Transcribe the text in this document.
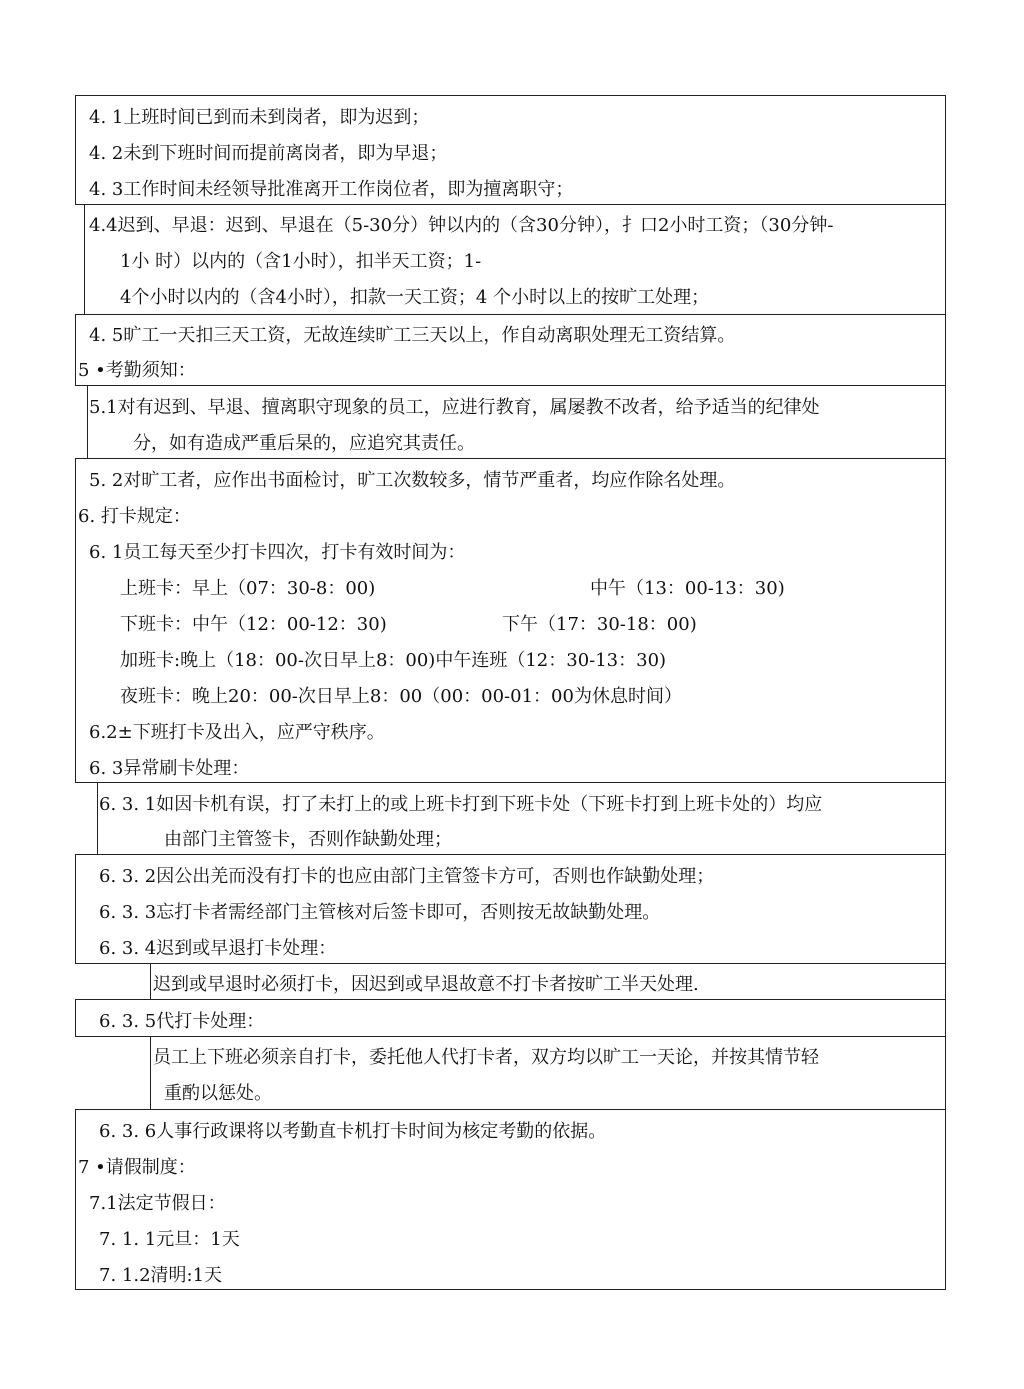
4. 1上班时间已到而未到岗者，即为迟到；
4. 2未到下班时间而提前离岗者，即为早退；
4. 3工作时间未经领导批准离开工作岗位者，即为擅离职守；
4.4迟到、早退：迟到、早退在（5-30分）钟以内的（含30分钟），扌口2小时工资；（30分钟-
1小 时）以内的（含1小时），扣半天工资；1-
4个小时以内的（含4小时），扣款一天工资；4 个小时以上的按旷工处理；
4. 5旷工一天扣三天工资，无故连续旷工三天以上，作自动离职处理无工资结算。
5 •考勤须知：
5.1对有迟到、早退、擅离职守现象的员工，应进行教育，属屡教不改者，给予适当的纪律处
分，如有造成严重后杲的，应追究其责任。
5. 2对旷工者，应作出书面检讨，旷工次数较多，情节严重者，均应作除名处理。
6. 打卡规定：
6. 1员工每天至少打卡四次，打卡有效时间为：
上班卡：早上（07：30-8：00)	中午（13：00-13：30)
下班卡：中午（12：00-12：30)	下午（17：30-18：00)
加班卡:晚上（18：00-次日早上8：00)中午连班（12：30-13：30)
夜班卡：晚上20：00-次日早上8：00（00：00-01：00为休息时间）
6.2±下班打卡及出入，应严守秩序。
6. 3异常刷卡处理：
6. 3. 1如因卡机有误，打了未打上的或上班卡打到下班卡处（下班卡打到上班卡处的）均应
由部门主管签卡，否则作缺勤处理；
6. 3. 2因公出羌而没有打卡的也应由部门主管签卡方可，否则也作缺勤处理；
6. 3. 3忘打卡者需经部门主管核对后签卡即可，否则按无故缺勤处理。
6. 3. 4迟到或早退打卡处理：
迟到或早退时必须打卡，因迟到或早退故意不打卡者按旷工半天处理.
6. 3. 5代打卡处理：
员工上下班必须亲自打卡，委托他人代打卡者，双方均以旷工一天论，并按其情节轻
重酌以惩处。
6. 3. 6人事行政课将以考勤直卡机打卡时间为核定考勤的依据。
7 •请假制度：
7.1法定节假日：
7. 1. 1元旦：1天
7. 1.2清明:1天
